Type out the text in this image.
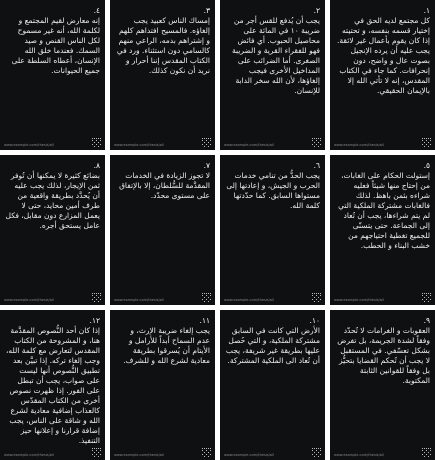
١.
كل مجتمع لديه الحق في إختيار قسمه بنفسه، و تحتيته إذا كان يقوم بأعمال غير لائقة. يجب عليه أن يرده الإنجيل بصوت عال و واضح، دون إنحرافات. كما جاء في الكتاب المقدس، إنه لا تأتي الله إلا بالإيمان الحقيقي.
www.example.com/thesis/all
٢.
يجب أن يُدفع للقس أجر من ضريبة ١٠ في المائة على محاصيل الحبوب. أي فائض فهو للفقراء القرية و الضريبة الصغرى. أما الضرائب على المداخيل الأخرى فيجب إلغاؤها، لأن الله سخر الدابة للإنسان.
www.example.com/thesis/all
٣.
إمساك الناس كعبيد يجب إلغاؤه. فالمسيح افتداهم كلهم و إشتراهم بدمه، الراعي منهم كالسامي دون استثناء. ورد في الكتاب المقدس إننا أحرار و نريد أن نكون كذلك.
www.example.com/thesis/all
٤.
إنه معارض لقيم المجتمع و لكلمة الله، أنه غير مسموح لكل الناس القنص و صيد السمك. فعندما خلق الله الإنسان، أعطاه السلطة على جميع الحيوانات.
www.example.com/thesis/all
٥.
إستولت الحكام على الغابات، من إحتاج منها شيئاً فعليه شراءه بثمن باهظ. لذلك فالغابات مشتركة الملكية التي لم يتم شراءها، يجب أن تُعاد إلى الجماعة. حتى يتسنّى للجميع تغطية احتياجهم من خشب البناء و الحطب.
www.example.com/thesis/all
٦.
يجب الحدُّ من تنامي خدمات الحرب و الجيش، و إعادتها إلى مستواها السابق. كما حدّدتها كلمة الله.
www.example.com/thesis/all
٧.
لا تجوز الزيادة في الخدمات المقدَّمة للسُّلطان، إلا بالإتفاق على مستوى محدّد.
www.example.com/thesis/all
٨.
بضائع كثيرة لا يمكنها أن تُوفر ثمن الإيجار، لذلك يجب عليه أن يُحدَّد بطريقة واقعية من طرف أمين محايد، حتى لا يعمل المزارع دون مقابل، فكل عامل يستحق أجره.
www.example.com/thesis/all
٩.
العقوبات و الغرامات لا تُحدّد وفقاً لشدة الجريمة، بل تفرض بشكل تعسّفي. في المستقبل لا يجب أن تُحكم القضايا بتحيُّز بل وفقاً للقوانين الثابتة المكتوبة.
www.example.com/thesis/all
١٠.
الأرض التي كانت في السابق مشتركة الملكية، و التي حُصل عليها بطريقة غير شريفة، يجب أن تُعاد الى الملكية المشتركة.
www.example.com/thesis/all
١١.
يجب إلغاء ضريبة الإرث، و عدم السماح أبداً للأرامل و الأيتام أن يُسرقوا بطريقة معادية لشرع الله و للشرف.
www.example.com/thesis/all
١٢.
إذا كان أحد النُّصوص المقدَّمة هنا، و المشروحة من الكتاب المقدس لتعارض مع كلمة الله، وجب إلغاء تركه. إذا تبيَّن بعد تطبيق النُّصوص أنها ليست على صواب، يجب أن تبطل على الفور. إذا ظهرت نصوص أخرى من الكتاب المقدّس كالعذاب إضافية معادية لشرع الله و شاقة على الناس، يجب إضافة قرارنا و إعلانها حيز التنفيذ.
www.example.com/thesis/all
